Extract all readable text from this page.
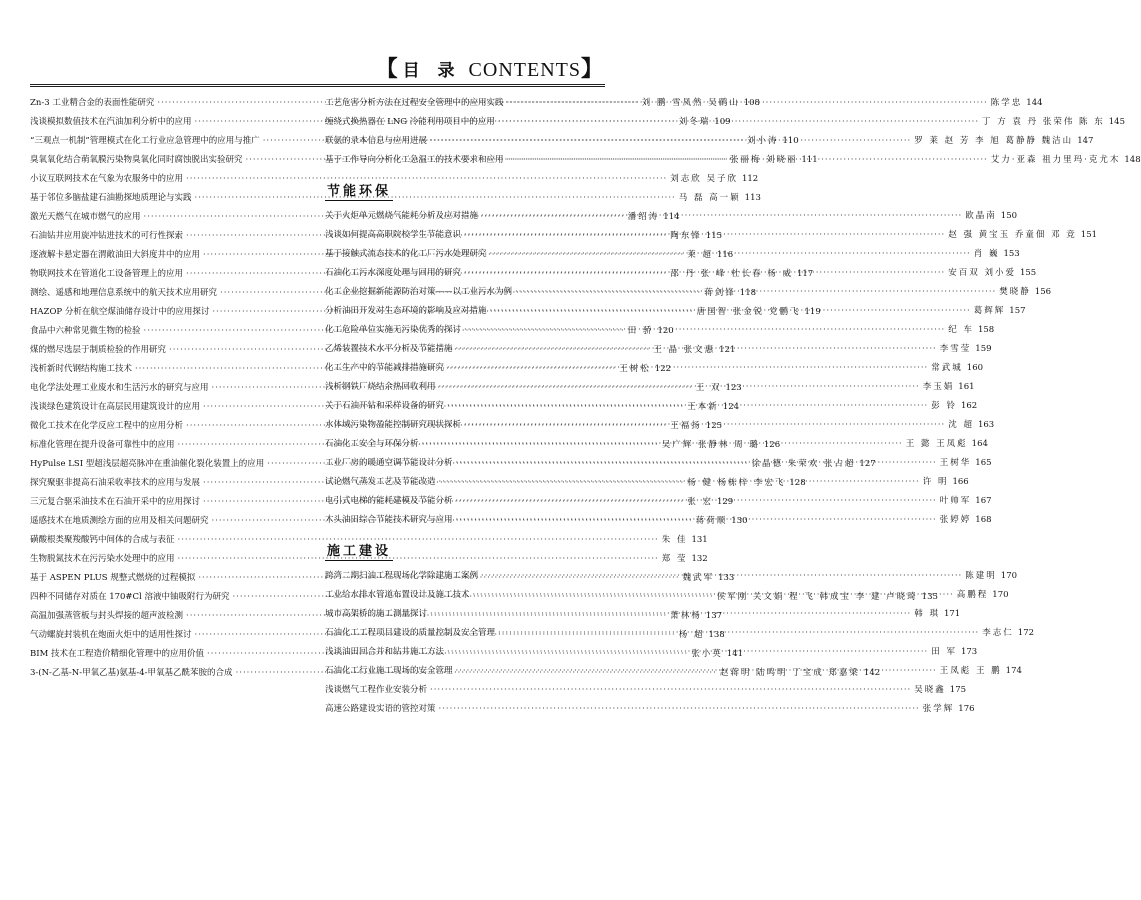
【 目 录 CONTENTS】
Zn-3 工业精合金的表面性能研究 ·····	刘 鹏 雪凤然 吴鹛山 108
浅谈模拟数值技术在汽油加利分析中的应用 ·····	刘冬瑞 109
“三观点一机制”管理模式在化工行业应急管理中的应用与推广 ·····	刘小涛 110
臭氧氧化结合萌氧膜污染物臭氧化同时腐蚀脱出实验研究 ·····	张丽梅 刘晓丽 111
小议互联网技术在气象为农服务中的应用 ·····	刘志欣 吴子欣 112
基于邻位多脑盐建石油勘探地质理论与实践 ·····	马 磊 高一颖 113
激光天燃气在城市燃气的应用 ·····	潘绍涛 114
石油钻井应用旋冲钻进技术的可行性探索 ·····	陶东锋 115
逐液解卡悬定器在渭敞油田大斜度井中的应用 ·····	莱 超 116
物联网技术在管道化工设备管理上的应用 ·····	邵 丹 张 峰 杜长春 杨 威 117
测绘、遥感和地理信息系统中的航天技术应用研究 ·····	蒋剑锋 118
HAZOP 分析在航空煤油储存设计中的应用探讨 ·····	唐国智 张金锐 党鹏飞 119
食品中六种常见微生物的检验 ·····	田 骄 120
煤的燃尽选层于制质检验的作用研究 ·····	王 晶 张文惠 121
浅析新时代钢结构施工技术 ·····	王树松 122
电化学法处理工业废水和生活污水的研究与应用 ·····	王 双 123
浅谈绿色建筑设计在高层民用建筑设计的应用 ·····	王本新 124
微化工技术在化学反应工程中的应用分析 ·····	王福扬 125
标准化管理在提升设备可靠性中的应用 ·····	吴广辉 张静林 周 璐 126
HyPulse LSI 型超浅层超亮脉冲在重油催化裂化装置上的应用 ·····	徐晶德 朱荣欢 张占超 127
探究聚驱非提高石油采收率技术的应用与发展 ·····	杨 健 杨栋梓 李宏飞 128
三元复合驱采油技术在石油开采中的应用探讨 ·····	张 宏 129
遥感技术在地质测绘方面的应用及相关问题研究 ·····	蒋荷顺 130
磺酸根类聚羧酸钙中间体的合成与表征 ·····	朱 佳 131
生物脱氮技术在污污染水处理中的应用 ·····	郑 莹 132
基于 ASPEN PLUS 规整式燃烧的过程模拟 ·····	魏武军 133
四种不同储存对质在 170#Cl 溶液中铀吸附行为研究 ·····	侯军刚 关文娟 程 飞 韩成宝 李 建 卢晓琦 135
高温加强蒸管板与封头焊接的超声波检测 ·····	萧林杨 137
气动螺旋封装机在炮面火炬中的适用性探讨 ·····	杨 超 138
BIM 技术在工程造价精细化管理中的应用价值 ·····	张小英 141
3-(N-乙基-N-甲氧乙基)氨基-4-甲氧基乙酰苯胺的合成 ·····	赵蒋明 陆鸣明 丁宝成 郑嘉梁 142
工艺危害分析方法在过程安全管理中的应用实践 ·····	陈学忠 144
缠绕式换热器在 LNG 冷能利用项目中的应用 ·····	丁 方 袁 丹 张荣伟 陈 东 145
联氨的录本信息与应用进展 ·····	罗 莱 赵 芳 李 旭 葛静静 魏洁山 147
基于工作导向分析化工急温工的技术要求和应用 ·····	艾力·亚森 祖力里玛·克尤木 148
节能环保
关于火炬单元燃烧气能耗分析及应对措施 ·····	欧晶南 150
浅谈如何提高高职院校学生节能意识 ·····	赵 强 黄宝玉 乔童佃 邓 竞 151
基于接触式流态技术的化工厂污水处理研究 ·····	肖 巍 153
石油化工污水深度处理与回用的研究 ·····	安百双 刘小爱 155
化工企业挖掘新能源防治对策——以工业污水为例 ·····	樊晓静 156
分析油田开发对生态环境的影响及应对措施 ·····	葛辉辉 157
化工危险单位实施无污染优秀的探讨 ·····	纪 车 158
乙烯装置技术水平分析及节能措施 ·····	李雪莹 159
化工生产中的节能减排措施研究 ·····	常武城 160
浅析钢铁厂烧结余热回收利用 ·····	李玉娟 161
关于石油开钻和采样设备的研究 ·····	彭 铃 162
水体域污染物盈能控制研究现状探析 ·····	沈 超 163
石油化工安全与环保分析 ·····	王 懿 王凤彪 164
工业厂房的暖通空调节能设计分析 ·····	王树华 165
试论燃气蒸发工艺及节能改造 ·····	许 明 166
电引式电梯的能耗建模及节能分析 ·····	叶帅军 167
木头油田综合节能技术研究与应用 ·····	张婷婷 168
施工建设
跨湾二期扫油工程现场化学除建施工案例 ·····	陈建明 170
工业给水排水管道布置设计及施工技术 ·····	高鹏程 170
城市高架桥的施工测量探讨 ·····	韩 琪 171
石油化工工程项目建设的质量控制及安全管理 ·····	李志仁 172
浅谈油田回合并和钻井施工方法 ·····	田 军 173
石油化工行业施工现场的安全管理 ·····	王凤彪 王 鹏 174
浅谈燃气工程作业安装分析 ·····	吴晓鑫 175
高速公路建设实语的管控对策 ·····	张学辉 176
